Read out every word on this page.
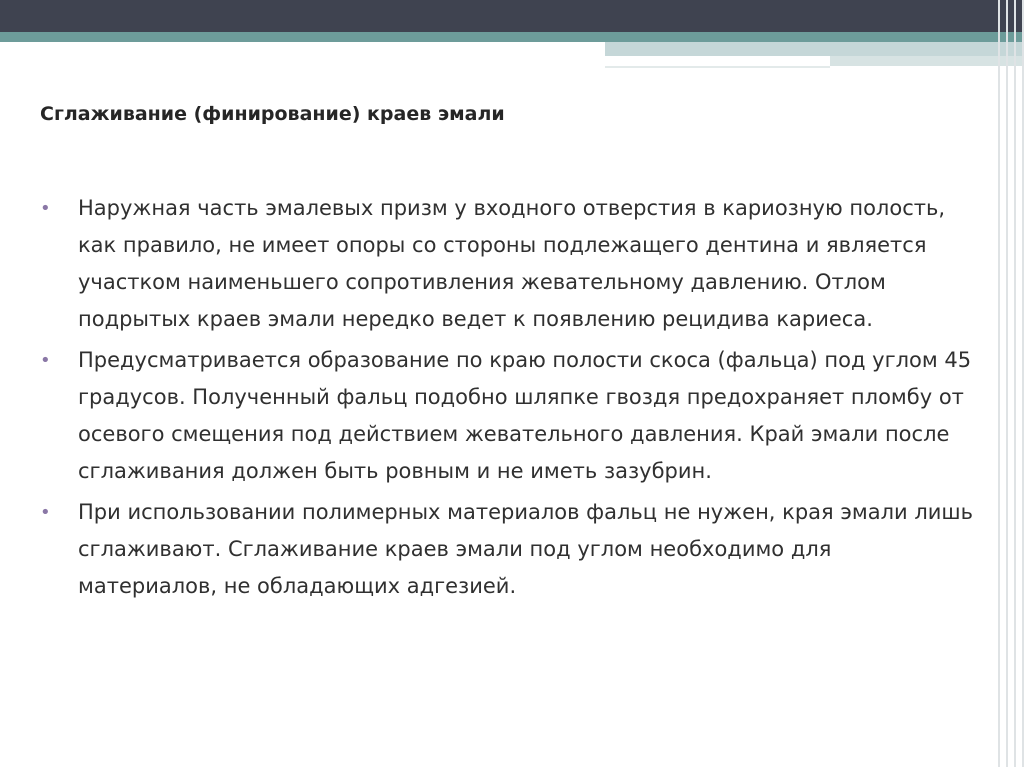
Сглаживание (финирование) краев эмали
• Наружная часть эмалевых призм у входного отверстия в кариозную полость, как правило, не имеет опоры со стороны подлежащего дентина и является участком наименьшего сопротивления жевательному давлению. Отлом подрытых краев эмали нередко ведет к появлению рецидива кариеса.
• Предусматривается образование по краю полости скоса (фальца) под углом 45 градусов. Полученный фальц подобно шляпке гвоздя предохраняет пломбу от осевого смещения под действием жевательного давления. Край эмали после сглаживания должен быть ровным и не иметь зазубрин.
• При использовании полимерных материалов фальц не нужен, края эмали лишь сглаживают. Сглаживание краев эмали под углом необходимо для материалов, не обладающих адгезией.
